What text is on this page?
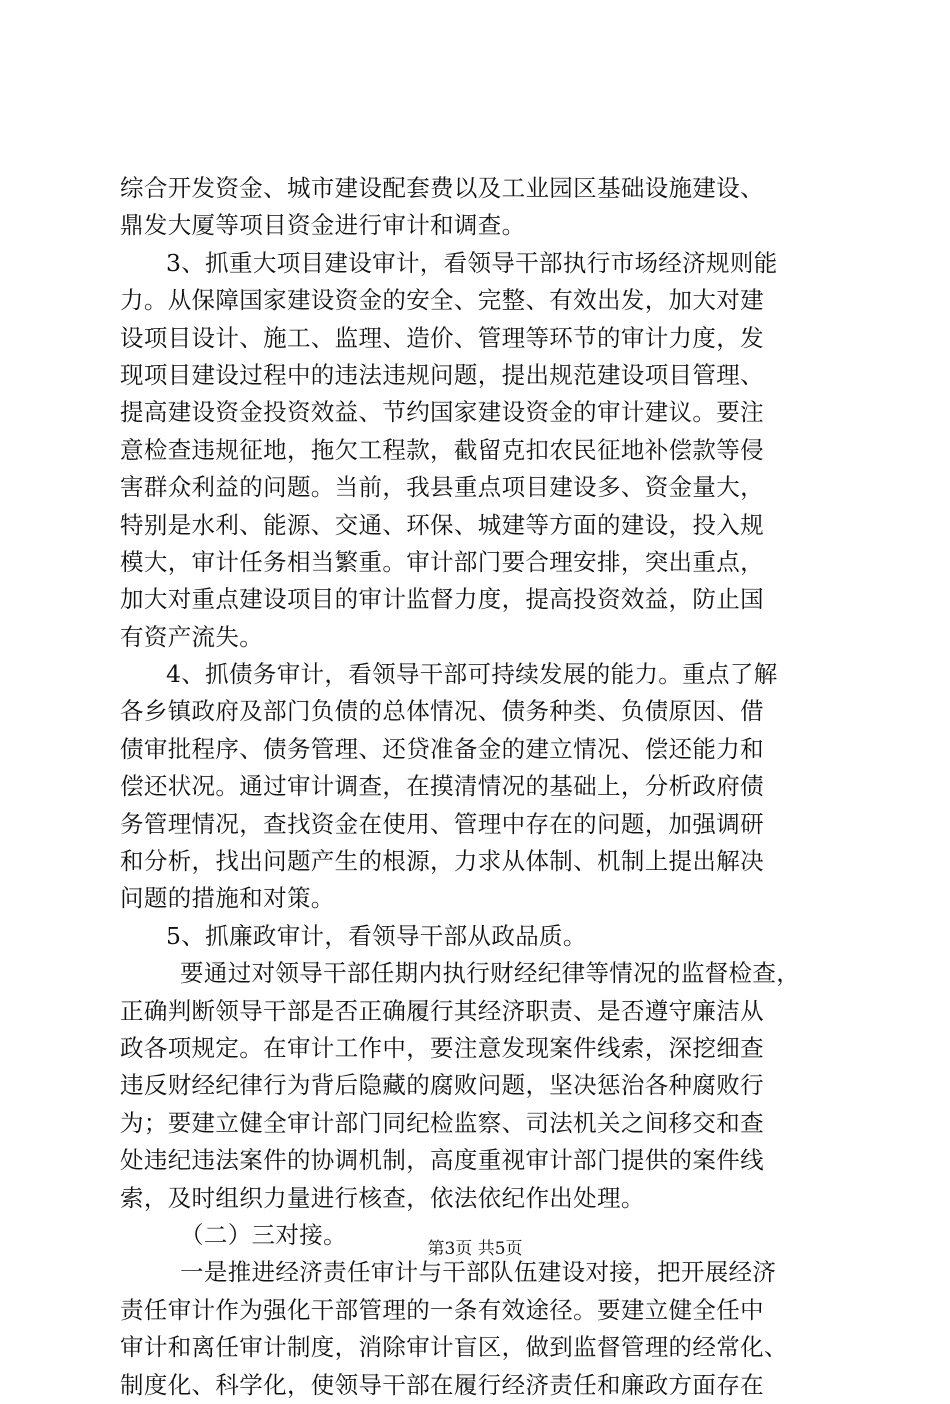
综合开发资金、城市建设配套费以及工业园区基础设施建设、
鼎发大厦等项目资金进行审计和调查。
3、抓重大项目建设审计，看领导干部执行市场经济规则能
力。从保障国家建设资金的安全、完整、有效出发，加大对建
设项目设计、施工、监理、造价、管理等环节的审计力度，发
现项目建设过程中的违法违规问题，提出规范建设项目管理、
提高建设资金投资效益、节约国家建设资金的审计建议。要注
意检查违规征地，拖欠工程款，截留克扣农民征地补偿款等侵
害群众利益的问题。当前，我县重点项目建设多、资金量大，
特别是水利、能源、交通、环保、城建等方面的建设，投入规
模大，审计任务相当繁重。审计部门要合理安排，突出重点，
加大对重点建设项目的审计监督力度，提高投资效益，防止国
有资产流失。
4、抓债务审计，看领导干部可持续发展的能力。重点了解
各乡镇政府及部门负债的总体情况、债务种类、负债原因、借
债审批程序、债务管理、还贷准备金的建立情况、偿还能力和
偿还状况。通过审计调查，在摸清情况的基础上，分析政府债
务管理情况，查找资金在使用、管理中存在的问题，加强调研
和分析，找出问题产生的根源，力求从体制、机制上提出解决
问题的措施和对策。
5、抓廉政审计，看领导干部从政品质。
要通过对领导干部任期内执行财经纪律等情况的监督检查，
正确判断领导干部是否正确履行其经济职责、是否遵守廉洁从
政各项规定。在审计工作中，要注意发现案件线索，深挖细查
违反财经纪律行为背后隐藏的腐败问题，坚决惩治各种腐败行
为；要建立健全审计部门同纪检监察、司法机关之间移交和查
处违纪违法案件的协调机制，高度重视审计部门提供的案件线
索，及时组织力量进行核查，依法依纪作出处理。
（二）三对接。
一是推进经济责任审计与干部队伍建设对接，把开展经济
责任审计作为强化干部管理的一条有效途径。要建立健全任中
审计和离任审计制度，消除审计盲区，做到监督管理的经常化、
制度化、科学化，使领导干部在履行经济责任和廉政方面存在
第3页 共5页
